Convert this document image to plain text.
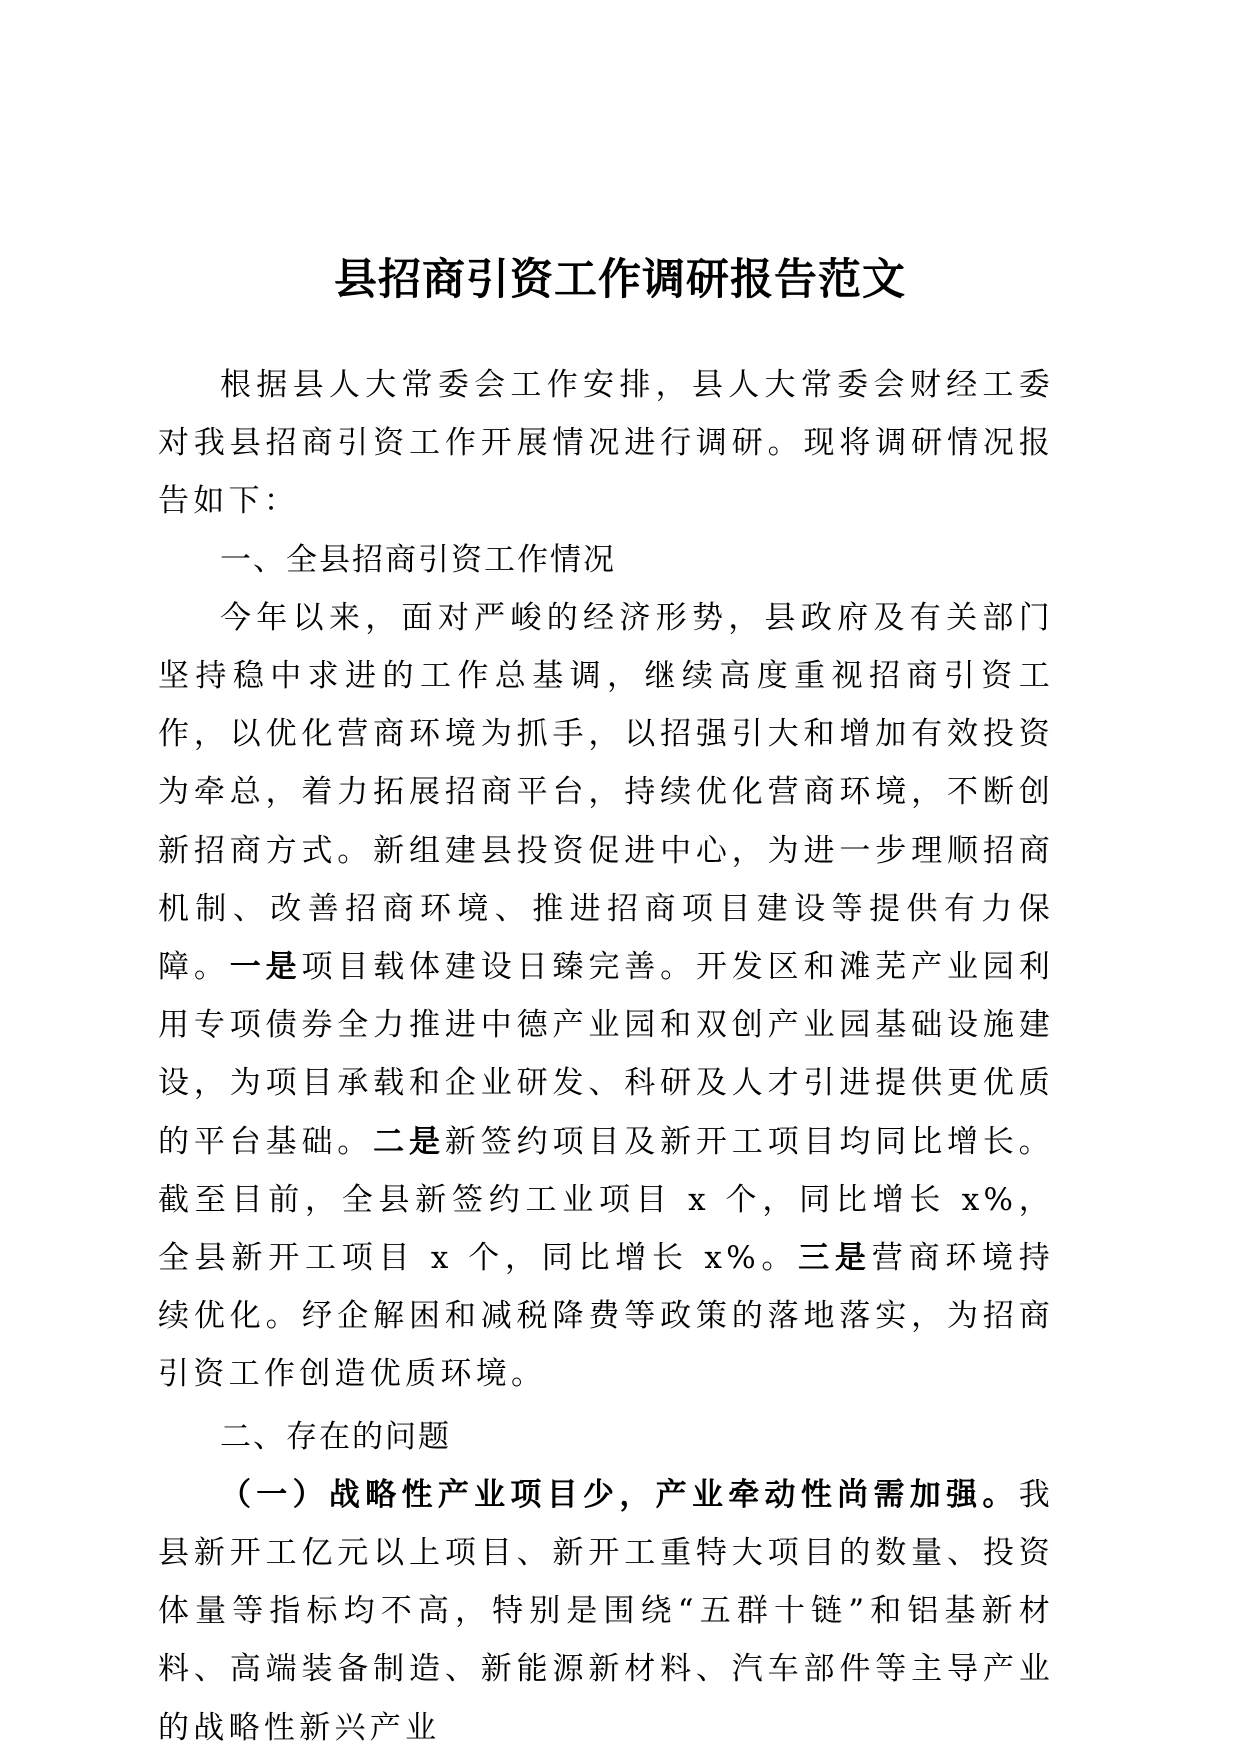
县招商引资工作调研报告范文

根据县人大常委会工作安排，县人大常委会财经工委对我县招商引资工作开展情况进行调研。现将调研情况报告如下：

一、全县招商引资工作情况

今年以来，面对严峻的经济形势，县政府及有关部门坚持稳中求进的工作总基调，继续高度重视招商引资工作，以优化营商环境为抓手，以招强引大和增加有效投资为牵总，着力拓展招商平台，持续优化营商环境，不断创新招商方式。新组建县投资促进中心，为进一步理顺招商机制、改善招商环境、推进招商项目建设等提供有力保障。一是项目载体建设日臻完善。开发区和滩芜产业园利用专项债券全力推进中德产业园和双创产业园基础设施建设，为项目承载和企业研发、科研及人才引进提供更优质的平台基础。二是新签约项目及新开工项目均同比增长。截至目前，全县新签约工业项目 x 个，同比增长 x%，全县新开工项目 x 个，同比增长 x%。三是营商环境持续优化。纾企解困和减税降费等政策的落地落实，为招商引资工作创造优质环境。

二、存在的问题

（一）战略性产业项目少，产业牵动性尚需加强。我县新开工亿元以上项目、新开工重特大项目的数量、投资体量等指标均不高，特别是围绕“五群十链”和铝基新材料、高端装备制造、新能源新材料、汽车部件等主导产业的战略性新兴产业
